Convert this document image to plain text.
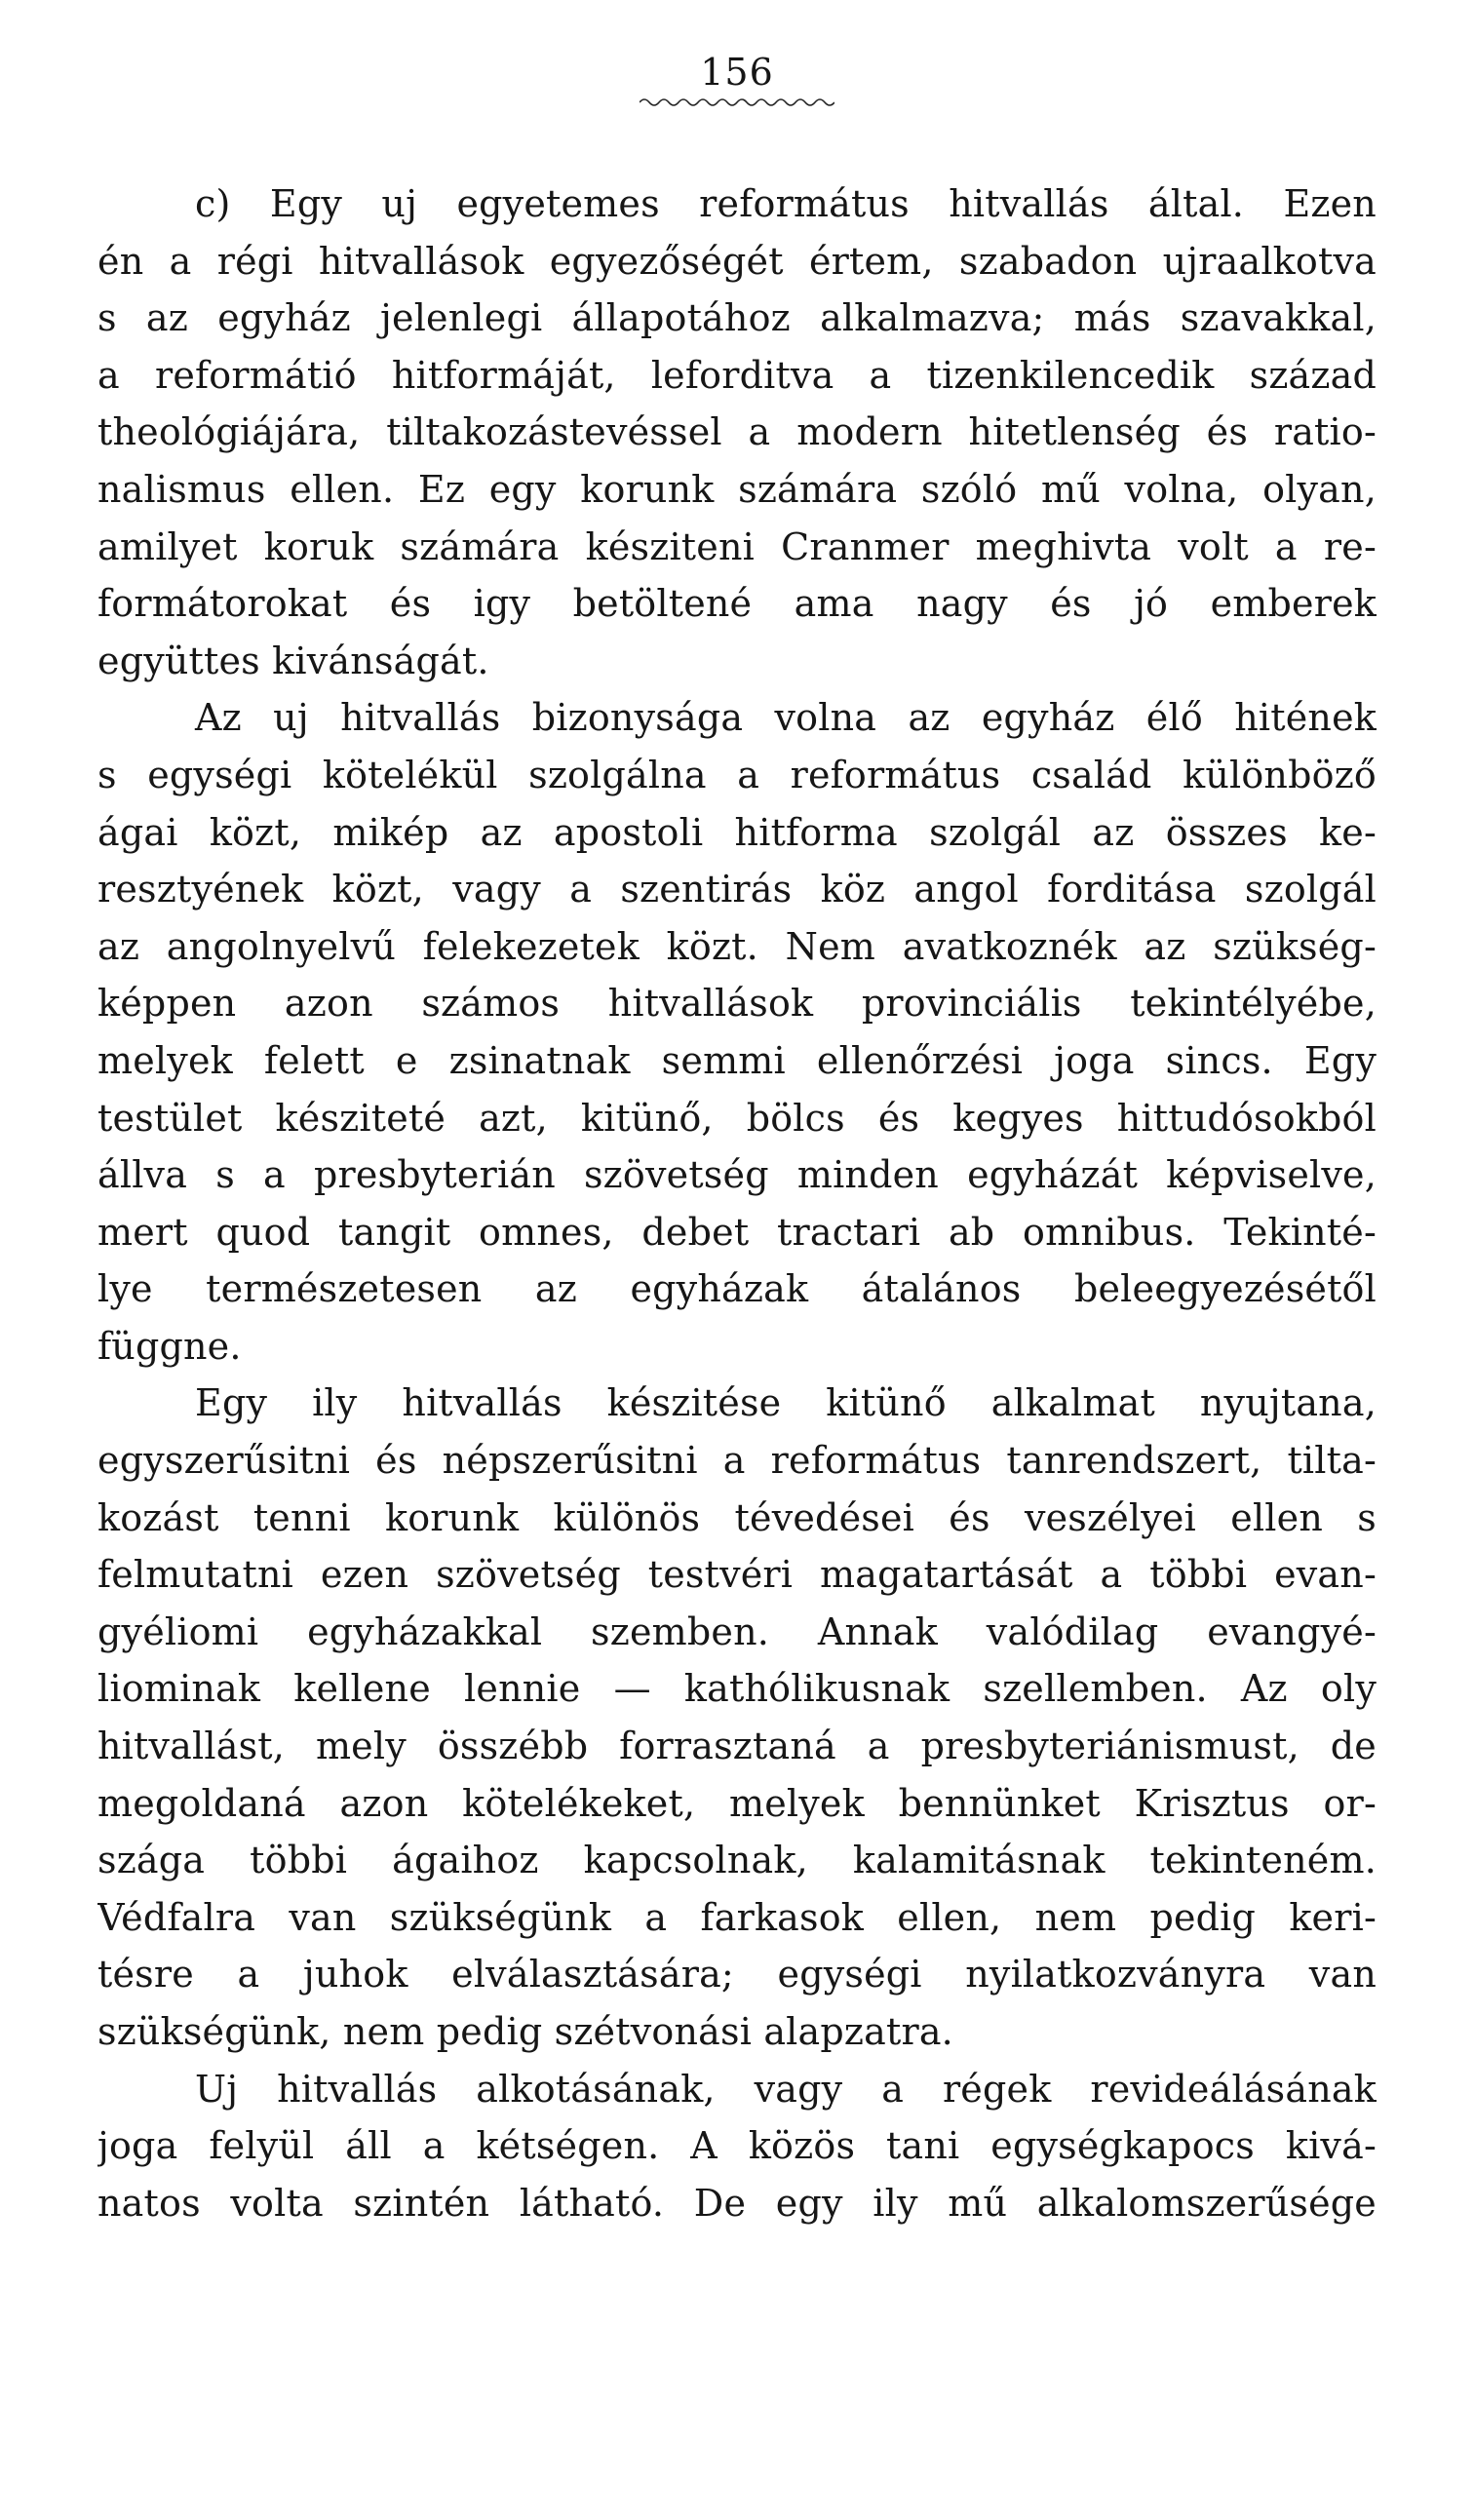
156
c) Egy uj egyetemes református hitvallás által. Ezen
én a régi hitvallások egyezőségét értem, szabadon ujraalkotva
s az egyház jelenlegi állapotához alkalmazva; más szavakkal,
a reformátió hitformáját, leforditva a tizenkilencedik század
theológiájára, tiltakozástevéssel a modern hitetlenség és ratio-
nalismus ellen. Ez egy korunk számára szóló mű volna, olyan,
amilyet koruk számára késziteni Cranmer meghivta volt a re-
formátorokat és igy betöltené ama nagy és jó emberek
együttes kivánságát.
Az uj hitvallás bizonysága volna az egyház élő hitének
s egységi kötelékül szolgálna a református család különböző
ágai közt, mikép az apostoli hitforma szolgál az összes ke-
resztyének közt, vagy a szentirás köz angol forditása szolgál
az angolnyelvű felekezetek közt. Nem avatkoznék az szükség-
képpen azon számos hitvallások provinciális tekintélyébe,
melyek felett e zsinatnak semmi ellenőrzési joga sincs. Egy
testület késziteté azt, kitünő, bölcs és kegyes hittudósokból
állva s a presbyterián szövetség minden egyházát képviselve,
mert quod tangit omnes, debet tractari ab omnibus. Tekinté-
lye természetesen az egyházak átalános beleegyezésétől
függne.
Egy ily hitvallás készitése kitünő alkalmat nyujtana,
egyszerűsitni és népszerűsitni a református tanrendszert, tilta-
kozást tenni korunk különös tévedései és veszélyei ellen s
felmutatni ezen szövetség testvéri magatartását a többi evan-
gyéliomi egyházakkal szemben. Annak valódilag evangyé-
liominak kellene lennie — kathólikusnak szellemben. Az oly
hitvallást, mely összébb forrasztaná a presbyteriánismust, de
megoldaná azon kötelékeket, melyek bennünket Krisztus or-
szága többi ágaihoz kapcsolnak, kalamitásnak tekinteném.
Védfalra van szükségünk a farkasok ellen, nem pedig keri-
tésre a juhok elválasztására; egységi nyilatkozványra van
szükségünk, nem pedig szétvonási alapzatra.
Uj hitvallás alkotásának, vagy a régek revideálásának
joga felyül áll a kétségen. A közös tani egységkapocs kivá-
natos volta szintén látható. De egy ily mű alkalomszerűsége
